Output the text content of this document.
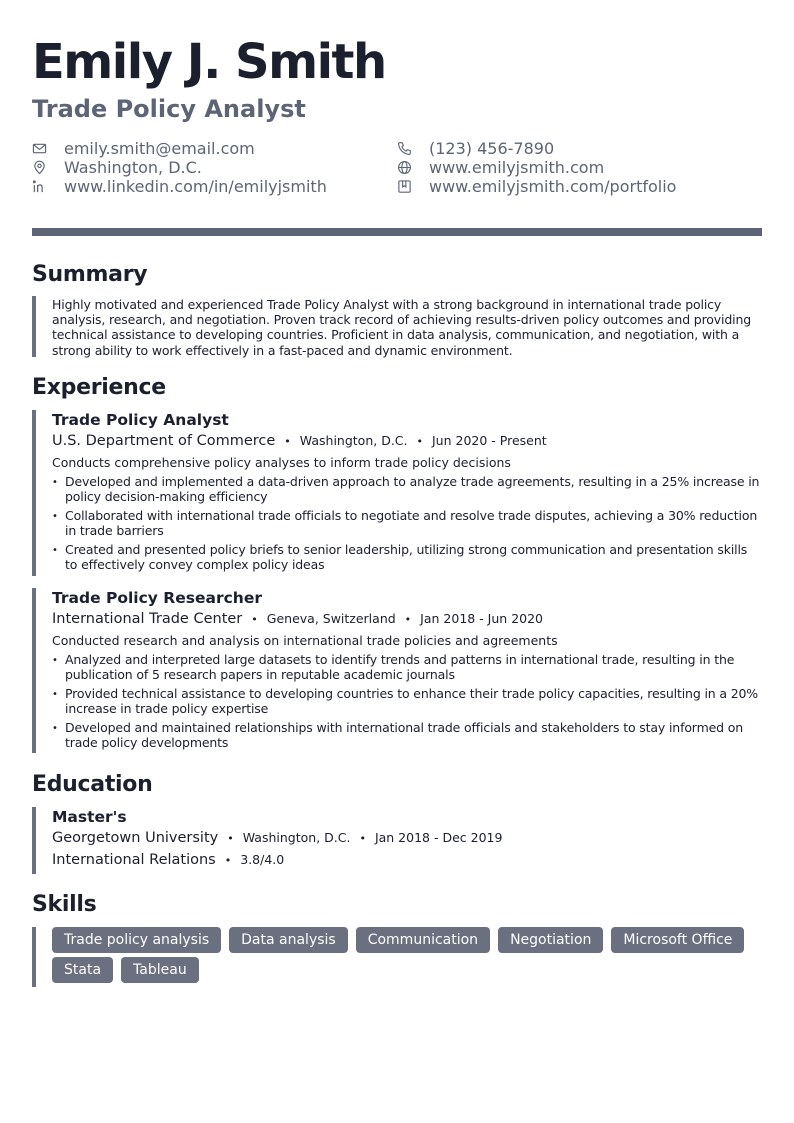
Emily J. Smith
Trade Policy Analyst
emily.smith@email.com	(123) 456-7890
Washington, D.C.	www.emilyjsmith.com
www.linkedin.com/in/emilyjsmith	www.emilyjsmith.com/portfolio
Summary

Highly motivated and experienced Trade Policy Analyst with a strong background in international trade policy analysis, research, and negotiation. Proven track record of achieving results-driven policy outcomes and providing technical assistance to developing countries. Proficient in data analysis, communication, and negotiation, with a strong ability to work effectively in a fast-paced and dynamic environment.

Experience
Trade Policy Analyst
U.S. Department of Commerce • Washington, D.C. • Jun 2020 - Present
Conducts comprehensive policy analyses to inform trade policy decisions
• Developed and implemented a data-driven approach to analyze trade agreements, resulting in a 25% increase in policy decision-making efficiency
• Collaborated with international trade officials to negotiate and resolve trade disputes, achieving a 30% reduction in trade barriers
• Created and presented policy briefs to senior leadership, utilizing strong communication and presentation skills to effectively convey complex policy ideas
Trade Policy Researcher
International Trade Center • Geneva, Switzerland • Jan 2018 - Jun 2020
Conducted research and analysis on international trade policies and agreements
• Analyzed and interpreted large datasets to identify trends and patterns in international trade, resulting in the publication of 5 research papers in reputable academic journals
• Provided technical assistance to developing countries to enhance their trade policy capacities, resulting in a 20% increase in trade policy expertise
• Developed and maintained relationships with international trade officials and stakeholders to stay informed on trade policy developments
Education
Master's
Georgetown University • Washington, D.C. • Jan 2018 - Dec 2019
International Relations • 3.8/4.0
Skills
Trade policy analysis	Data analysis	Communication	Negotiation	Microsoft Office
Stata	Tableau
